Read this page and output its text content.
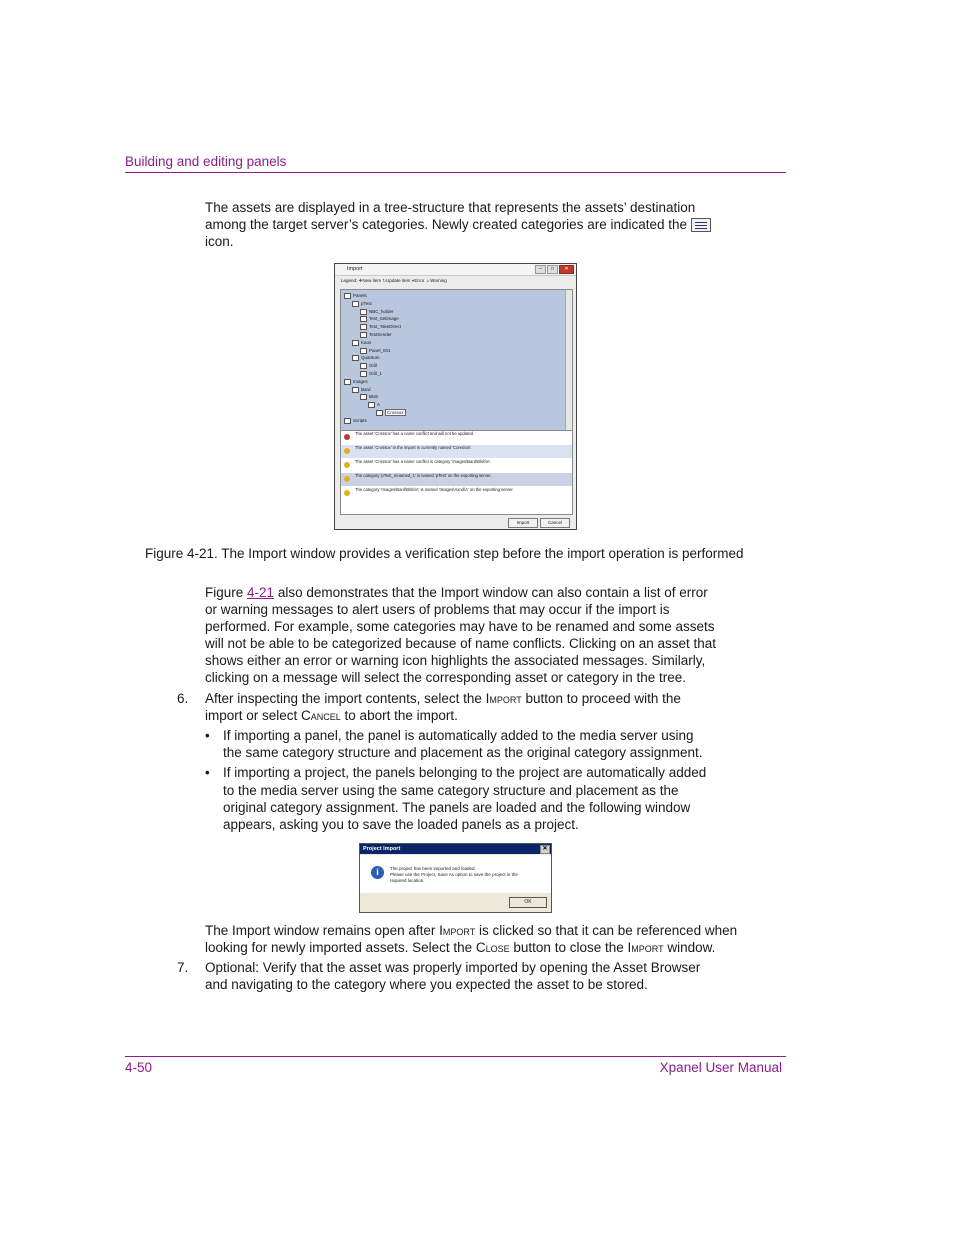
Building and editing panels
The assets are displayed in a tree-structure that represents the assets’ destination
among the target server’s categories. Newly created categories are indicated the
icon.
Import	–	□	✕
Legend: ✚New item ↻Update item ●Error ▲Warning
Panels
pTest
NBC_holder
Test_Setimage
Test_TakeDirect
TestSender
Kaos
Panel_001
Quantum
Grill
Grill_1
Images
Bard
Blob
A
Crossox
Scripts
The asset 'Crossox' has a name conflict and will not be updated.
The asset 'Crossox' in the import is currently named 'Coredom'.
The asset 'Crossox' has a name conflict in category 'Images\Bard\Blob\A'.
The category 'pTest_renamed_1' is named 'pTest' on the exporting server.
The category 'Images\Bard\Blob\A' is named 'Images\Axnd\A' on the exporting server.
Import	Cancel
Figure 4-21. The Import window provides a verification step before the import operation is performed
Figure 4-21 also demonstrates that the Import window can also contain a list of error
or warning messages to alert users of problems that may occur if the import is
performed. For example, some categories may have to be renamed and some assets
will not be able to be categorized because of name conflicts. Clicking on an asset that
shows either an error or warning icon highlights the associated messages. Similarly,
clicking on a message will select the corresponding asset or category in the tree.
6. After inspecting the import contents, select the Import button to proceed with the
import or select Cancel to abort the import.
• If importing a panel, the panel is automatically added to the media server using
the same category structure and placement as the original category assignment.
• If importing a project, the panels belonging to the project are automatically added
to the media server using the same category structure and placement as the
original category assignment. The panels are loaded and the following window
appears, asking you to save the loaded panels as a project.
Project Import	✕
i	The project has been imported and loaded.
Please use the Project, Save As option to save the project in the
required location.
OK
The Import window remains open after Import is clicked so that it can be referenced when
looking for newly imported assets. Select the Close button to close the Import window.
7. Optional: Verify that the asset was properly imported by opening the Asset Browser
and navigating to the category where you expected the asset to be stored.
4-50	Xpanel User Manual
